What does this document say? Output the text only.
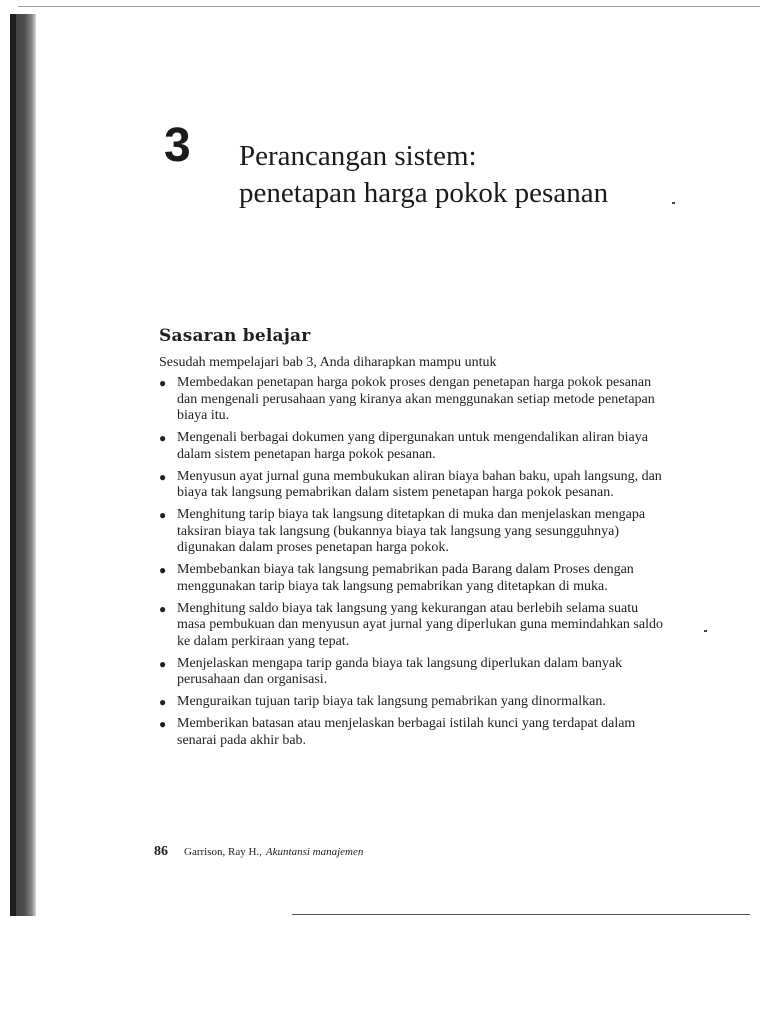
3 Perancangan sistem:
penetapan harga pokok pesanan
Sasaran belajar
Sesudah mempelajari bab 3, Anda diharapkan mampu untuk
● Membedakan penetapan harga pokok proses dengan penetapan harga pokok pesanan dan mengenali perusahaan yang kiranya akan menggunakan setiap metode penetapan biaya itu.
● Mengenali berbagai dokumen yang dipergunakan untuk mengendalikan aliran biaya dalam sistem penetapan harga pokok pesanan.
● Menyusun ayat jurnal guna membukukan aliran biaya bahan baku, upah langsung, dan biaya tak langsung pemabrikan dalam sistem penetapan harga pokok pesanan.
● Menghitung tarip biaya tak langsung ditetapkan di muka dan menjelaskan mengapa taksiran biaya tak langsung (bukannya biaya tak langsung yang sesungguhnya) digunakan dalam proses penetapan harga pokok.
● Membebankan biaya tak langsung pemabrikan pada Barang dalam Proses dengan menggunakan tarip biaya tak langsung pemabrikan yang ditetapkan di muka.
● Menghitung saldo biaya tak langsung yang kekurangan atau berlebih selama suatu masa pembukuan dan menyusun ayat jurnal yang diperlukan guna memindahkan saldo ke dalam perkiraan yang tepat.
● Menjelaskan mengapa tarip ganda biaya tak langsung diperlukan dalam banyak perusahaan dan organisasi.
● Menguraikan tujuan tarip biaya tak langsung pemabrikan yang dinormalkan.
● Memberikan batasan atau menjelaskan berbagai istilah kunci yang terdapat dalam senarai pada akhir bab.
86 Garrison, Ray H., Akuntansi manajemen
